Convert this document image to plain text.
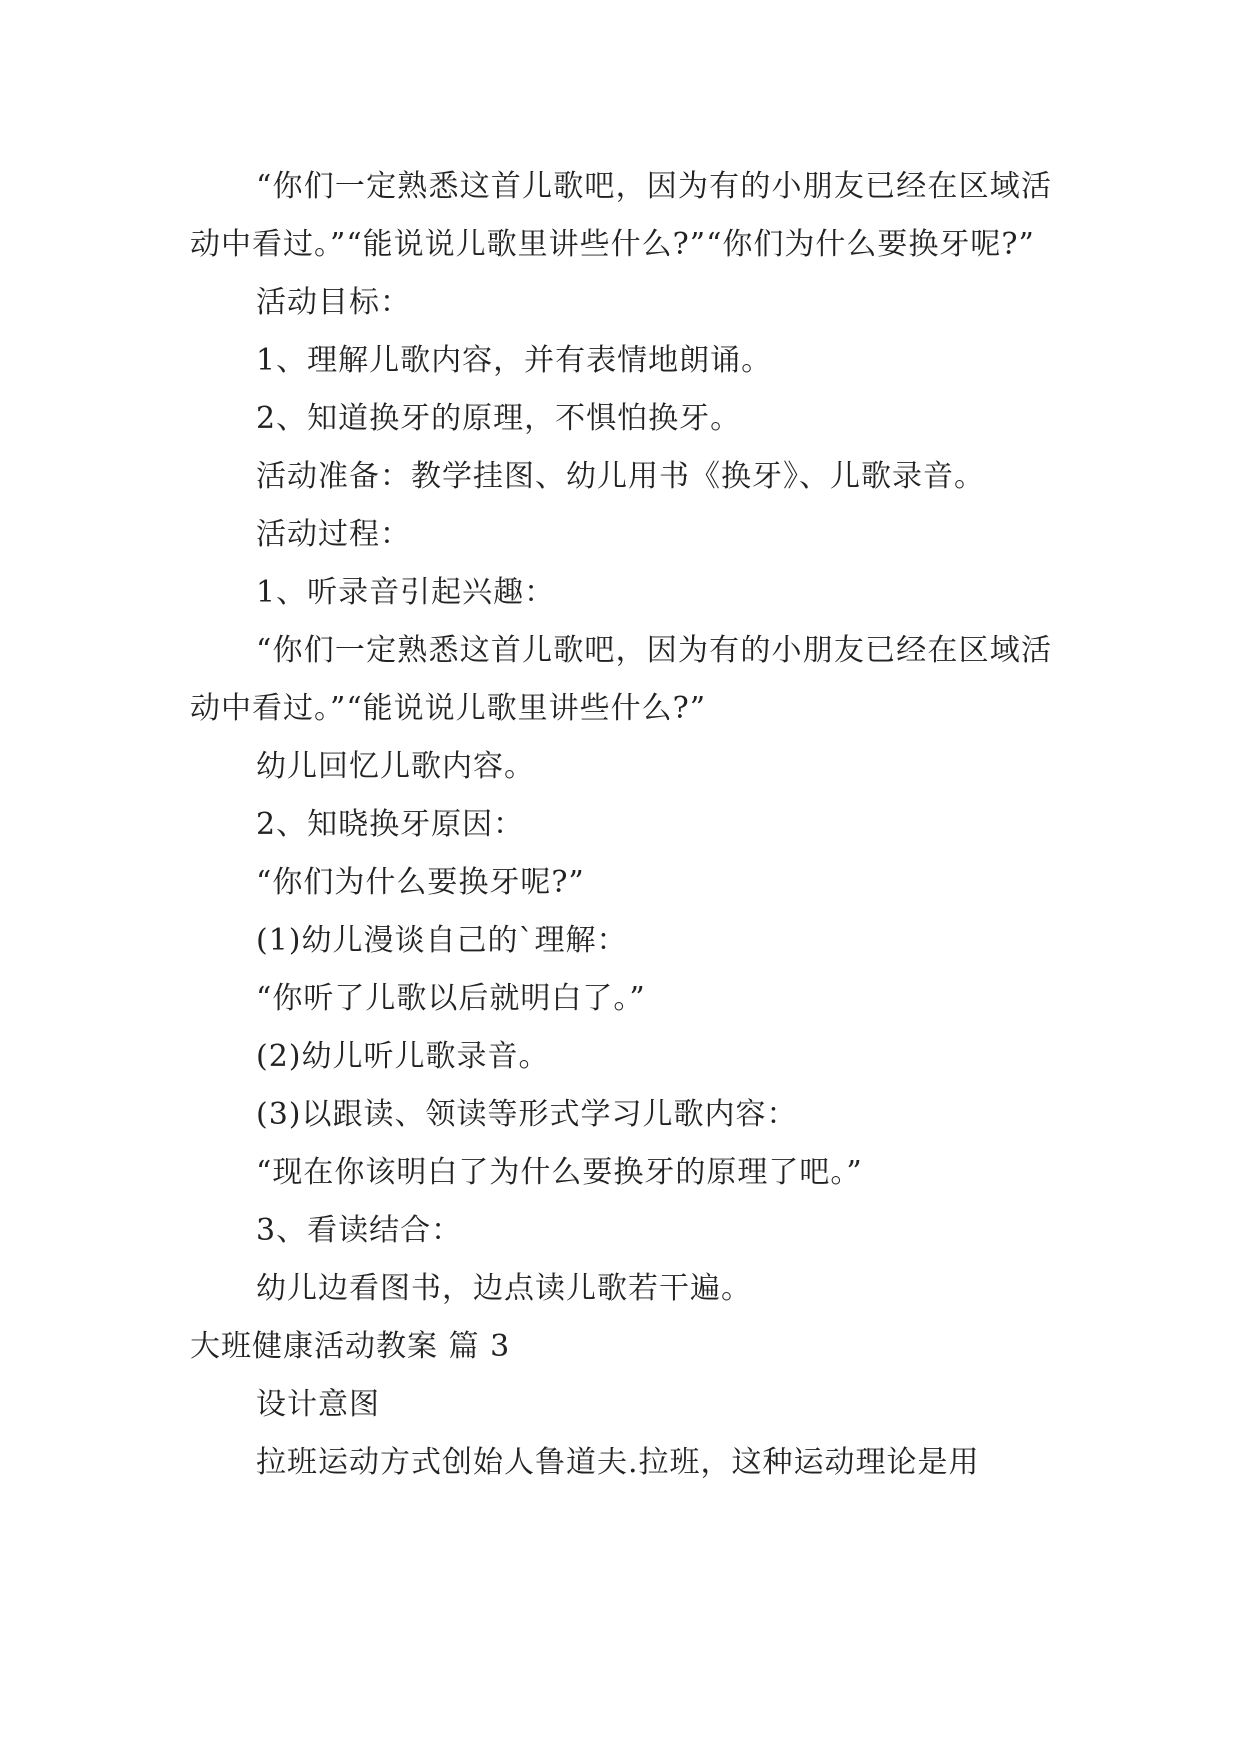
“你们一定熟悉这首儿歌吧，因为有的小朋友已经在区域活动中看过。”“能说说儿歌里讲些什么?”“你们为什么要换牙呢?”

活动目标：

1、理解儿歌内容，并有表情地朗诵。

2、知道换牙的原理，不惧怕换牙。

活动准备：教学挂图、幼儿用书《换牙》、儿歌录音。

活动过程：

1、听录音引起兴趣：

“你们一定熟悉这首儿歌吧，因为有的小朋友已经在区域活动中看过。”“能说说儿歌里讲些什么?”

幼儿回忆儿歌内容。

2、知晓换牙原因：

“你们为什么要换牙呢?”

(1)幼儿漫谈自己的`理解：

“你听了儿歌以后就明白了。”

(2)幼儿听儿歌录音。

(3)以跟读、领读等形式学习儿歌内容：

“现在你该明白了为什么要换牙的原理了吧。”

3、看读结合：

幼儿边看图书，边点读儿歌若干遍。

大班健康活动教案 篇 3

设计意图

拉班运动方式创始人鲁道夫.拉班，这种运动理论是用
